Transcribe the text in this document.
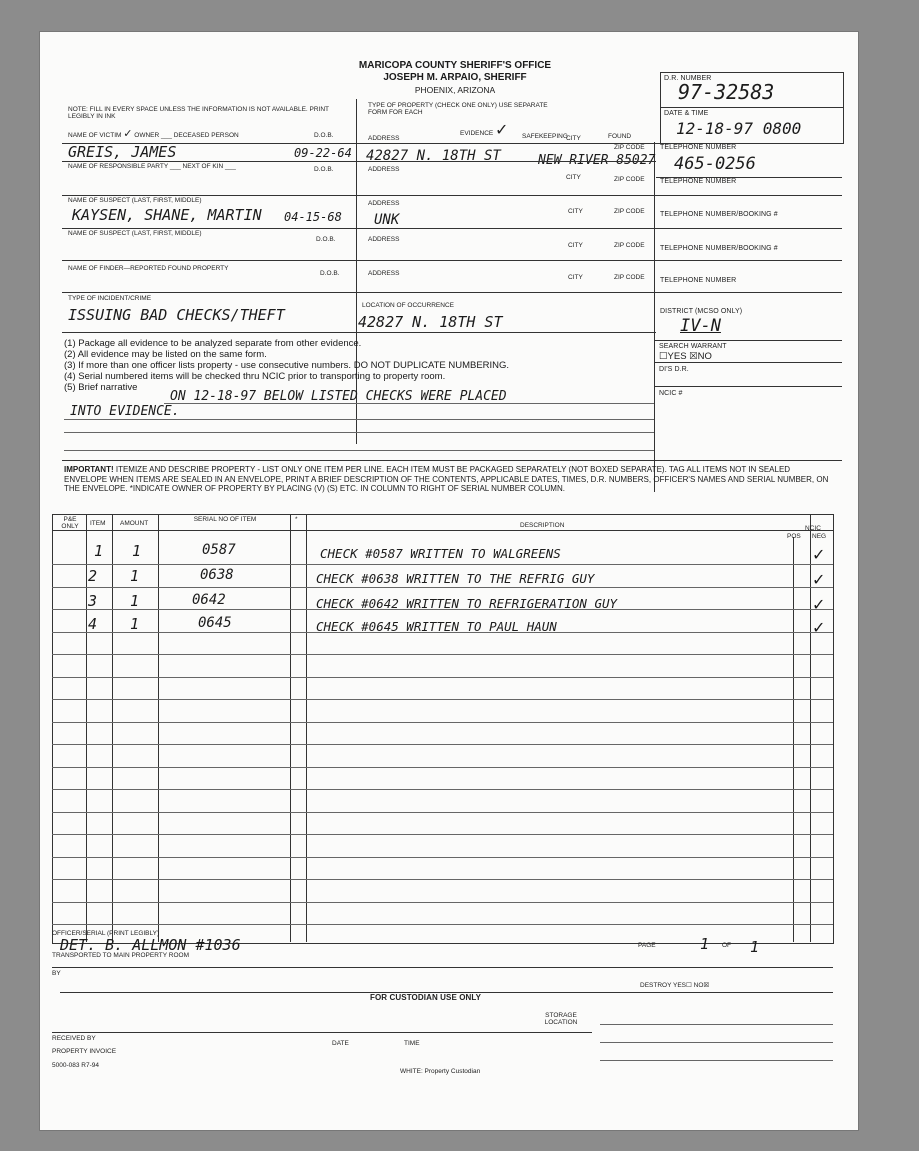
MARICOPA COUNTY SHERIFF'S OFFICE
JOSEPH M. ARPAIO, SHERIFF
PHOENIX, ARIZONA
D.R. NUMBER
97-32583
DATE & TIME
12-18-97 0800
NOTE: FILL IN EVERY SPACE UNLESS THE INFORMATION IS NOT AVAILABLE. PRINT LEGIBLY IN INK
TYPE OF PROPERTY (CHECK ONE ONLY) USE SEPARATE FORM FOR EACH
EVIDENCE ✓ SAFEKEEPING	FOUND
NAME OF VICTIM ✓ OWNER ___ DECEASED PERSON	D.O.B.	ADDRESS	CITY
ZIP CODE TELEPHONE NUMBER
GREIS, JAMES	09-22-64 42827 N. 18TH ST	NEW RIVER 85027 465-0256
NAME OF RESPONSIBLE PARTY ___ NEXT OF KIN ___	D.O.B.	ADDRESS
CITY	ZIP CODE TELEPHONE NUMBER
NAME OF SUSPECT (LAST, FIRST, MIDDLE)	ADDRESS
CITY	ZIP CODE TELEPHONE NUMBER/BOOKING #
KAYSEN, SHANE, MARTIN 04-15-68 UNK
NAME OF SUSPECT (LAST, FIRST, MIDDLE)
D.O.B.	ADDRESS
CITY	ZIP CODE TELEPHONE NUMBER/BOOKING #
NAME OF FINDER—REPORTED FOUND PROPERTY
D.O.B.	ADDRESS
CITY	ZIP CODE TELEPHONE NUMBER
TYPE OF INCIDENT/CRIME
ISSUING BAD CHECKS/THEFT
LOCATION OF OCCURRENCE
42827 N. 18TH ST
DISTRICT (MCSO ONLY)
IV-N
(1) Package all evidence to be analyzed separate from other evidence.
(2) All evidence may be listed on the same form.
(3) If more than one officer lists property - use consecutive numbers. DO NOT DUPLICATE NUMBERING.
(4) Serial numbered items will be checked thru NCIC prior to transporting to property room.
(5) Brief narrative
ON 12-18-97 BELOW LISTED CHECKS WERE PLACED
INTO EVIDENCE.
SEARCH WARRANT
☐YES ☒NO
DI'S D.R.
NCIC #
IMPORTANT! ITEMIZE AND DESCRIBE PROPERTY - LIST ONLY ONE ITEM PER LINE. EACH ITEM MUST BE PACKAGED SEPARATELY (NOT BOXED SEPARATE). TAG ALL ITEMS NOT IN SEALED ENVELOPE WHEN ITEMS ARE SEALED IN AN ENVELOPE, PRINT A BRIEF DESCRIPTION OF THE CONTENTS, APPLICABLE DATES, TIMES, D.R. NUMBERS, OFFICER'S NAMES AND SERIAL NUMBER, ON THE ENVELOPE. *INDICATE OWNER OF PROPERTY BY PLACING (V) (S) ETC. IN COLUMN TO RIGHT OF SERIAL NUMBER COLUMN.
P&E ONLY	ITEM AMOUNT
SERIAL NO OF ITEM	*
DESCRIPTION	NCIC
POS NEG
1 1	0587	CHECK #0587 WRITTEN TO WALGREENS	✓
2 1	0638	CHECK #0638 WRITTEN TO THE REFRIG GUY	✓
3 1	0642	CHECK #0642 WRITTEN TO REFRIGERATION GUY	✓
4 1	0645	CHECK #0645 WRITTEN TO PAUL HAUN	✓
OFFICER/SERIAL (PRINT LEGIBLY)
DET. B. ALLMON #1036
TRANSPORTED TO MAIN PROPERTY ROOM
PAGE	1 OF 1
BY
DESTROY YES☐ NO☒
FOR CUSTODIAN USE ONLY
STORAGE LOCATION
RECEIVED BY
DATE	TIME
PROPERTY INVOICE
5000-083 R7-94
WHITE: Property Custodian
